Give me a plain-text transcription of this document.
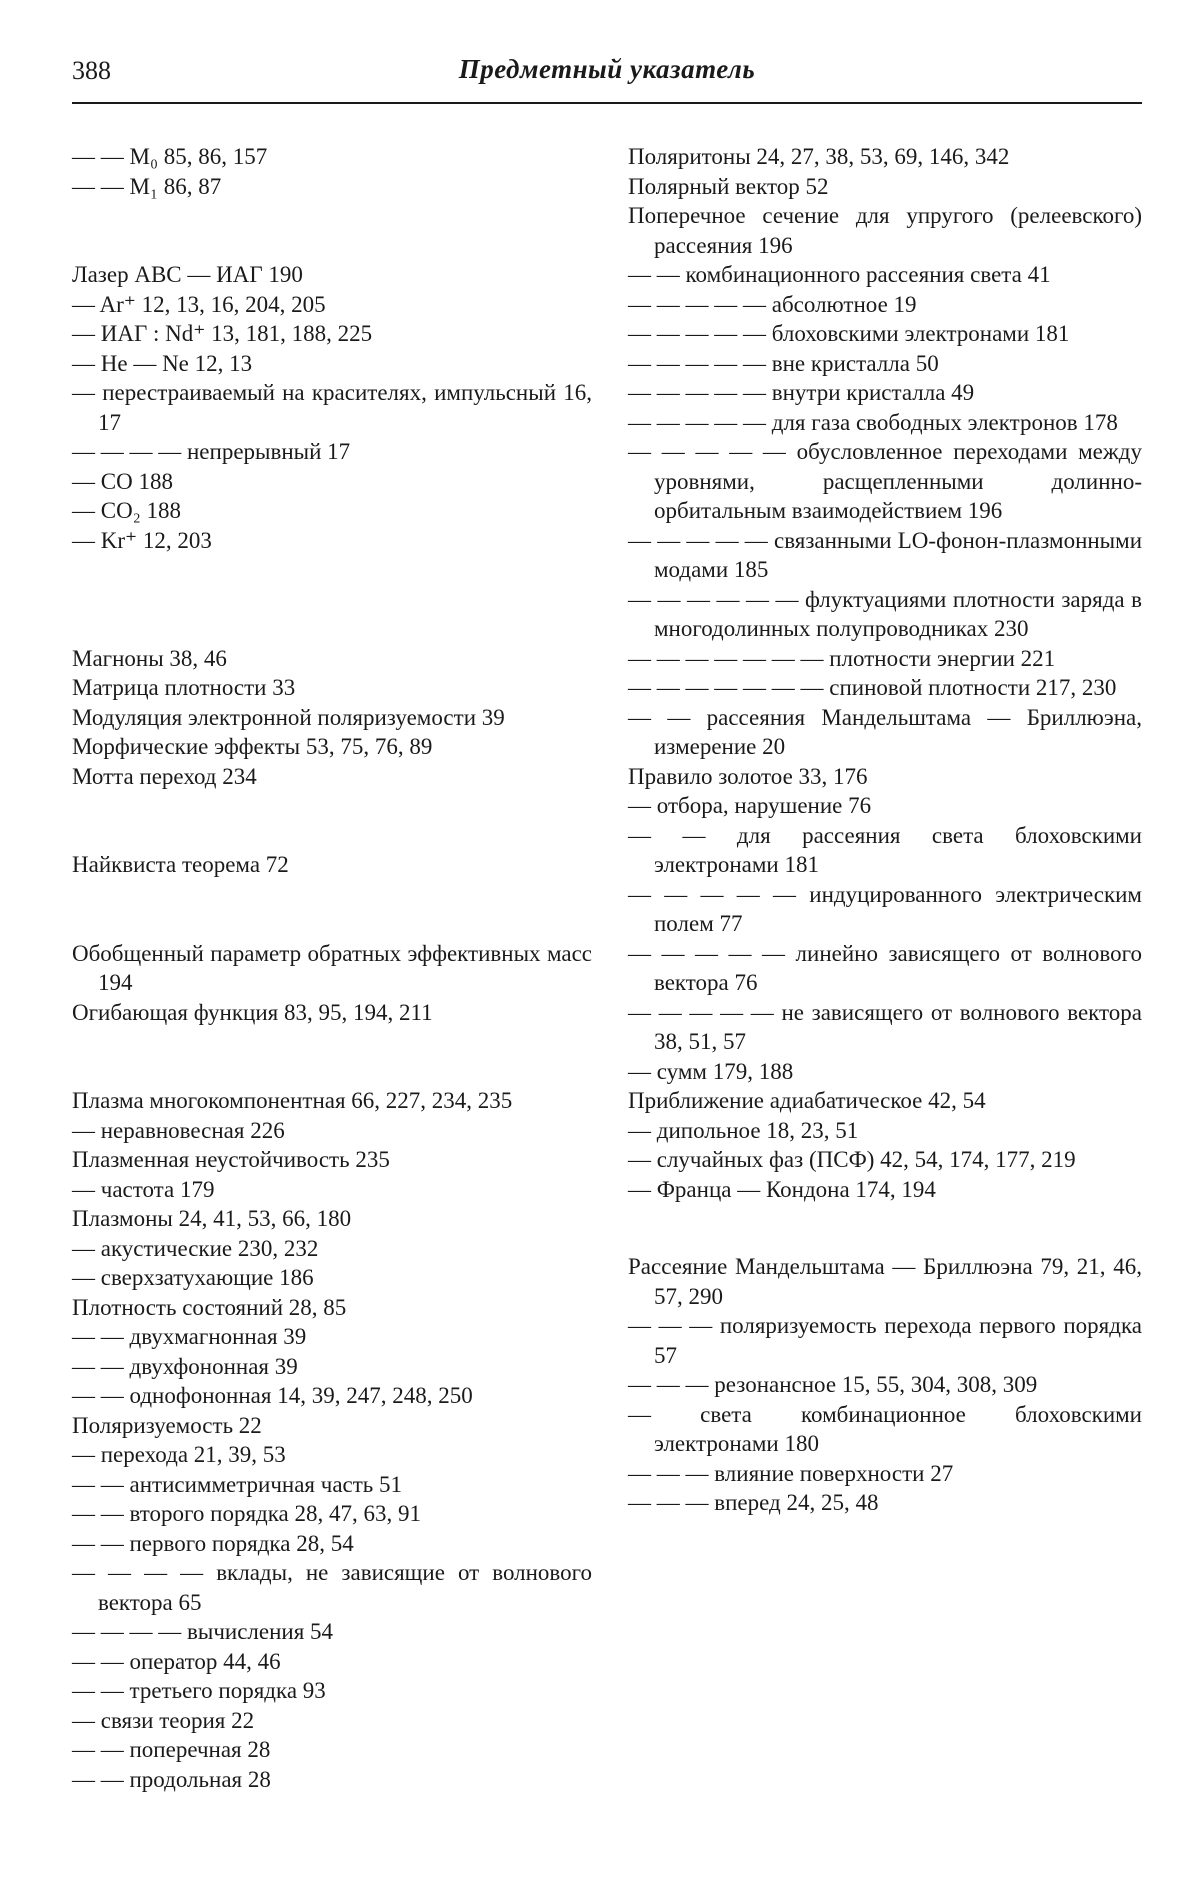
388	Предметный указатель
— — M₀ 85, 86, 157
— — M₁ 86, 87
Лазер ABC — ИАГ 190
— Ar⁺ 12, 13, 16, 204, 205
— ИАГ : Nd⁺ 13, 181, 188, 225
— He — Ne 12, 13
— перестраиваемый на красителях, импульсный 16, 17
— — — — непрерывный 17
— CO 188
— CO₂ 188
— Kr⁺ 12, 203
Магноны 38, 46
Матрица плотности 33
Модуляция электронной поляризуемости 39
Морфические эффекты 53, 75, 76, 89
Мотта переход 234
Найквиста теорема 72
Обобщенный параметр обратных эффективных масс 194
Огибающая функция 83, 95, 194, 211
Плазма многокомпонентная 66, 227, 234, 235
— неравновесная 226
Плазменная неустойчивость 235
— частота 179
Плазмоны 24, 41, 53, 66, 180
— акустические 230, 232
— сверхзатухающие 186
Плотность состояний 28, 85
— — двухмагнонная 39
— — двухфононная 39
— — однофононная 14, 39, 247, 248, 250
Поляризуемость 22
— перехода 21, 39, 53
— — антисимметричная часть 51
— — второго порядка 28, 47, 63, 91
— — первого порядка 28, 54
— — — — вклады, не зависящие от волнового вектора 65
— — — — вычисления 54
— — оператор 44, 46
— — третьего порядка 93
— связи теория 22
— — поперечная 28
— — продольная 28
Поляритоны 24, 27, 38, 53, 69, 146, 342
Полярный вектор 52
Поперечное сечение для упругого (релеевского) рассеяния 196
— — комбинационного рассеяния света 41
— — — — — абсолютное 19
— — — — — блоховскими электронами 181
— — — — — вне кристалла 50
— — — — — внутри кристалла 49
— — — — — для газа свободных электронов 178
— — — — — обусловленное переходами между уровнями, расщепленными долинно-орбитальным взаимодействием 196
— — — — — связанными LO-фонон-плазмонными модами 185
— — — — — — флуктуациями плотности заряда в многодолинных полупроводниках 230
— — — — — — — плотности энергии 221
— — — — — — — спиновой плотности 217, 230
— — рассеяния Мандельштама — Бриллюэна, измерение 20
Правило золотое 33, 176
— отбора, нарушение 76
— — для рассеяния света блоховскими электронами 181
— — — — — индуцированного электрическим полем 77
— — — — — линейно зависящего от волнового вектора 76
— — — — — не зависящего от волнового вектора 38, 51, 57
— сумм 179, 188
Приближение адиабатическое 42, 54
— дипольное 18, 23, 51
— случайных фаз (ПСФ) 42, 54, 174, 177, 219
— Франца — Кондона 174, 194
Рассеяние Мандельштама — Бриллюэна 79, 21, 46, 57, 290
— — — поляризуемость перехода первого порядка 57
— — — резонансное 15, 55, 304, 308, 309
— света комбинационное блоховскими электронами 180
— — — влияние поверхности 27
— — — вперед 24, 25, 48
